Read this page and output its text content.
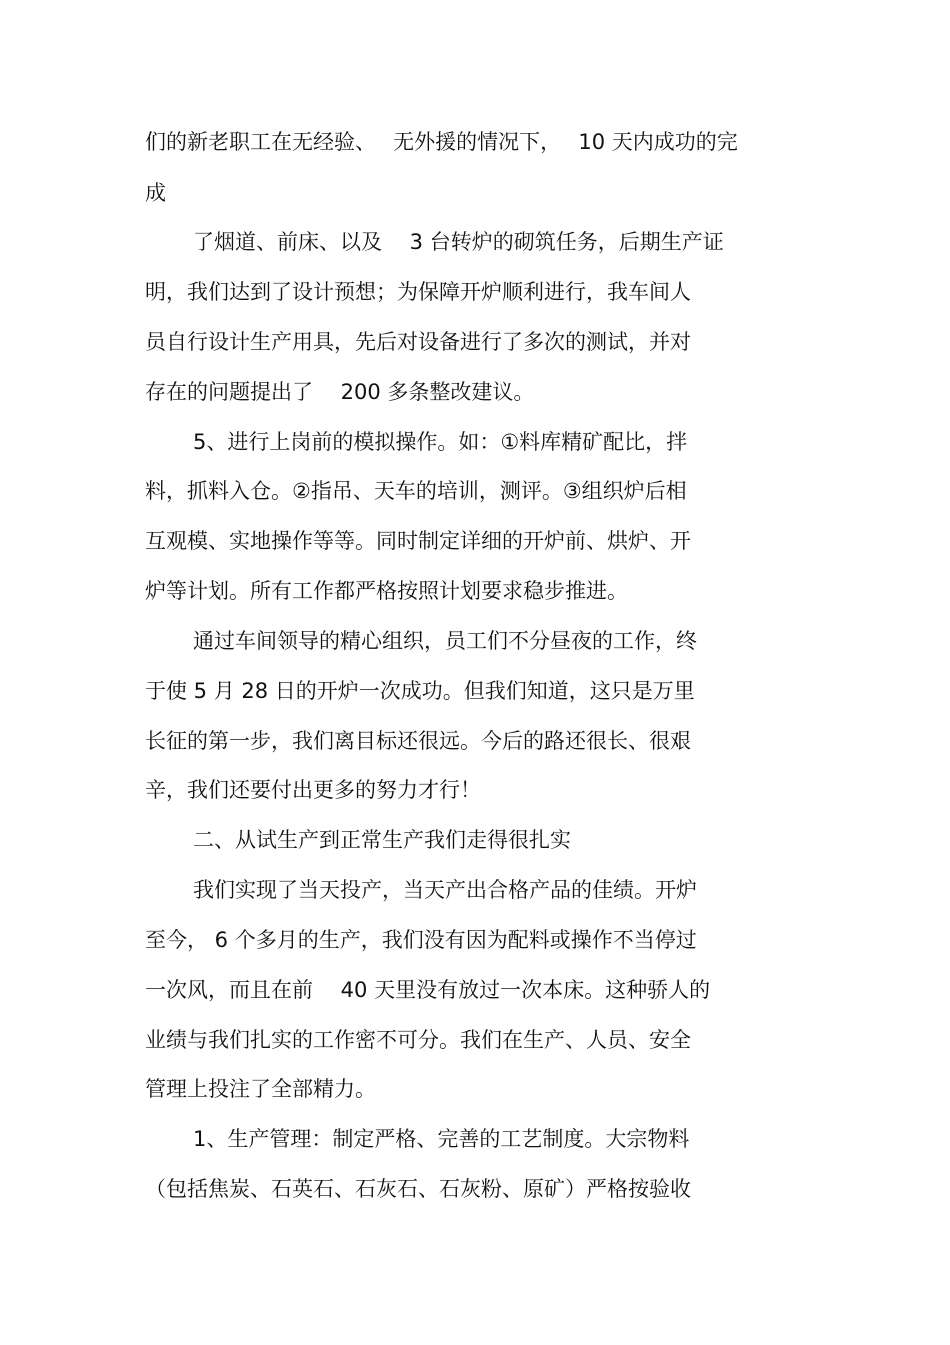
们的新老职工在无经验、　 无外援的情况下，　 10 天内成功的完
成
了烟道、前床、以及　 3 台转炉的砌筑任务，后期生产证
明，我们达到了设计预想；为保障开炉顺利进行，我车间人
员自行设计生产用具，先后对设备进行了多次的测试，并对
存在的问题提出了　 200 多条整改建议。
5、进行上岗前的模拟操作。如：①料库精矿配比，拌
料，抓料入仓。②指吊、天车的培训，测评。③组织炉后相
互观模、实地操作等等。同时制定详细的开炉前、烘炉、开
炉等计划。所有工作都严格按照计划要求稳步推进。
通过车间领导的精心组织，员工们不分昼夜的工作，终
于使 5 月 28 日的开炉一次成功。但我们知道，这只是万里
长征的第一步，我们离目标还很远。今后的路还很长、很艰
辛，我们还要付出更多的努力才行！
二、从试生产到正常生产我们走得很扎实
我们实现了当天投产，当天产出合格产品的佳绩。开炉
至今， 6 个多月的生产，我们没有因为配料或操作不当停过
一次风，而且在前　 40 天里没有放过一次本床。这种骄人的
业绩与我们扎实的工作密不可分。我们在生产、人员、安全
管理上投注了全部精力。
1、生产管理：制定严格、完善的工艺制度。大宗物料
（包括焦炭、石英石、石灰石、石灰粉、原矿）严格按验收
